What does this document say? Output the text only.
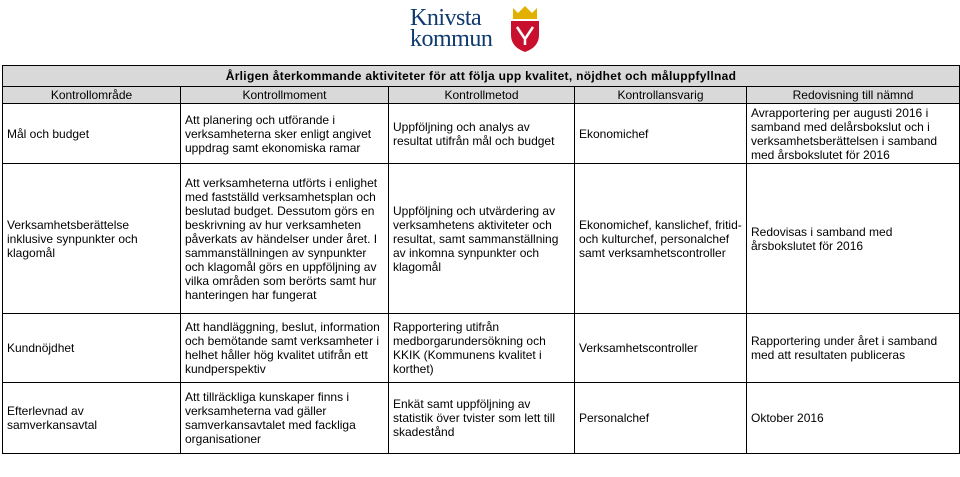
Knivsta
kommun
Årligen återkommande aktiviteter för att följa upp kvalitet, nöjdhet och måluppfyllnad				
Kontrollområde	Kontrollmoment	Kontrollmetod	Kontrollansvarig	Redovisning till nämnd
Mål och budget	Att planering och utförande i verksamheterna sker enligt angivet uppdrag samt ekonomiska ramar	Uppföljning och analys av resultat utifrån mål och budget	Ekonomichef	Avrapportering per augusti 2016 i samband med delårsbokslut och i verksamhetsberättelsen i samband med årsbokslutet för 2016
Verksamhetsberättelse inklusive synpunkter och klagomål	Att verksamheterna utförts i enlighet med fastställd verksamhetsplan och beslutad budget. Dessutom görs en beskrivning av hur verksamheten påverkats av händelser under året. I sammanställningen av synpunkter och klagomål görs en uppföljning av vilka områden som berörts samt hur hanteringen har fungerat	Uppföljning och utvärdering av verksamhetens aktiviteter och resultat, samt sammanställning av inkomna synpunkter och klagomål	Ekonomichef, kanslichef, fritid- och kulturchef, personalchef samt verksamhetscontroller	Redovisas i samband med årsbokslutet för 2016
Kundnöjdhet	Att handläggning, beslut, information och bemötande samt verksamheter i helhet håller hög kvalitet utifrån ett kundperspektiv	Rapportering utifrån medborgarundersökning och KKIK (Kommunens kvalitet i korthet)	Verksamhetscontroller	Rapportering under året i samband med att resultaten publiceras
Efterlevnad av samverkansavtal	Att tillräckliga kunskaper finns i verksamheterna vad gäller samverkansavtalet med fackliga organisationer	Enkät samt uppföljning av statistik över tvister som lett till skadestånd	Personalchef	Oktober 2016
